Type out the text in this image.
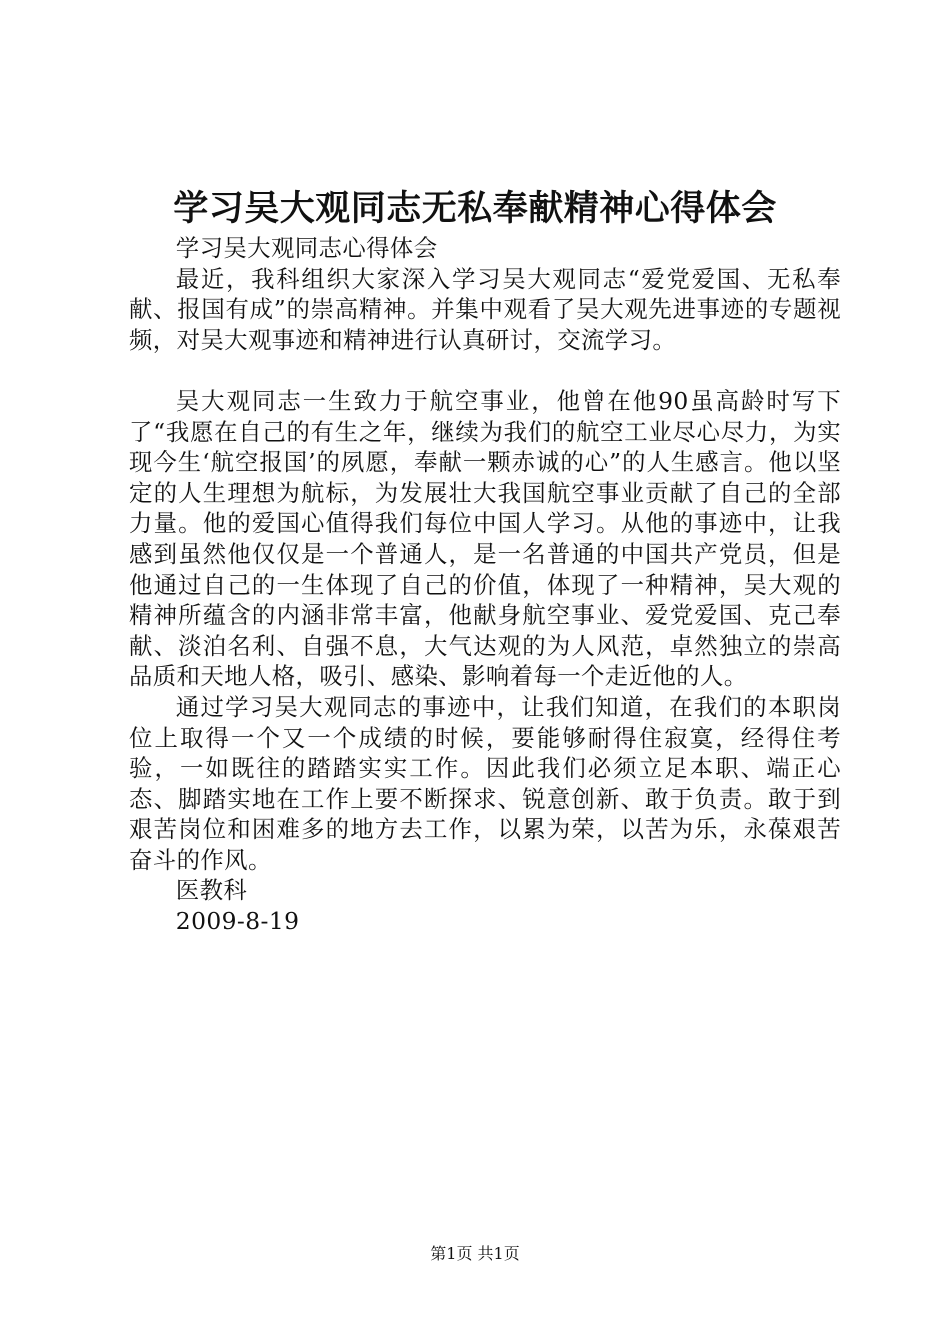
学习吴大观同志无私奉献精神心得体会

学习吴大观同志心得体会

最近，我科组织大家深入学习吴大观同志“爱党爱国、无私奉献、报国有成”的崇高精神。并集中观看了吴大观先进事迹的专题视频，对吴大观事迹和精神进行认真研讨，交流学习。

吴大观同志一生致力于航空事业，他曾在他90虽高龄时写下了“我愿在自己的有生之年，继续为我们的航空工业尽心尽力，为实现今生‘航空报国’的夙愿，奉献一颗赤诚的心”的人生感言。他以坚定的人生理想为航标，为发展壮大我国航空事业贡献了自己的全部力量。他的爱国心值得我们每位中国人学习。从他的事迹中，让我感到虽然他仅仅是一个普通人，是一名普通的中国共产党员，但是他通过自己的一生体现了自己的价值，体现了一种精神，吴大观的精神所蕴含的内涵非常丰富，他献身航空事业、爱党爱国、克己奉献、淡泊名利、自强不息，大气达观的为人风范，卓然独立的崇高品质和天地人格，吸引、感染、影响着每一个走近他的人。

通过学习吴大观同志的事迹中，让我们知道，在我们的本职岗位上取得一个又一个成绩的时候，要能够耐得住寂寞，经得住考验，一如既往的踏踏实实工作。因此我们必须立足本职、端正心态、脚踏实地在工作上要不断探求、锐意创新、敢于负责。敢于到艰苦岗位和困难多的地方去工作，以累为荣，以苦为乐，永葆艰苦奋斗的作风。

医教科

2009-8-19

第1页 共1页
